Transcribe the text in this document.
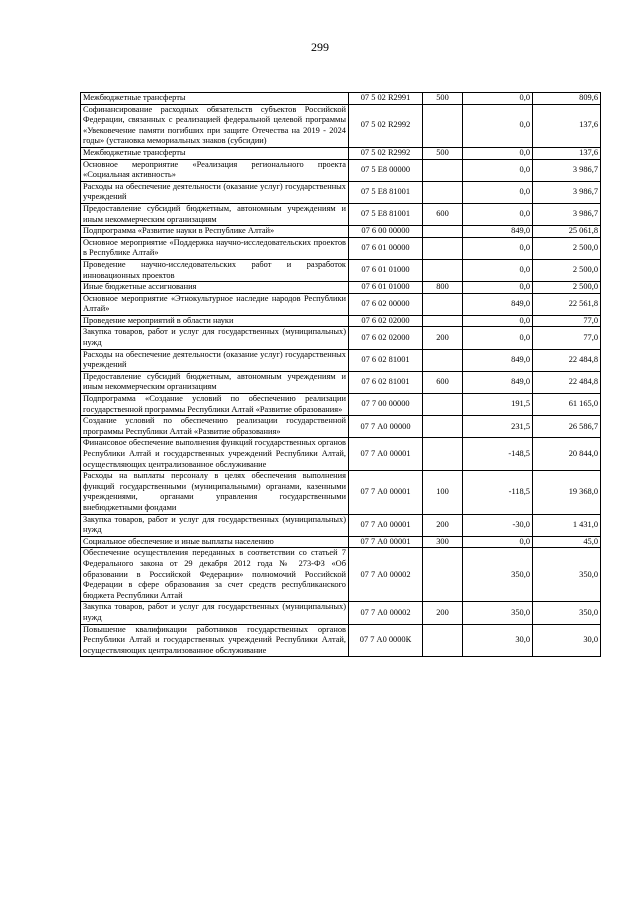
299
Межбюджетные трансферты	07 5 02 R2991	500	0,0	809,6
Софинансирование расходных обязательств субъектов Российской Федерации, связанных с реализацией федеральной целевой программы «Увековечение памяти погибших при защите Отечества на 2019 - 2024 годы» (установка мемориальных знаков (субсидии)	07 5 02 R2992		0,0	137,6
Межбюджетные трансферты	07 5 02 R2992	500	0,0	137,6
Основное мероприятие «Реализация регионального проекта «Социальная активность»	07 5 E8 00000		0,0	3 986,7
Расходы на обеспечение деятельности (оказание услуг) государственных учреждений	07 5 E8 81001		0,0	3 986,7
Предоставление субсидий бюджетным, автономным учреждениям и иным некоммерческим организациям	07 5 E8 81001	600	0,0	3 986,7
Подпрограмма «Развитие науки в Республике Алтай»	07 6 00 00000		849,0	25 061,8
Основное мероприятие «Поддержка научно-исследовательских проектов в Республике Алтай»	07 6 01 00000		0,0	2 500,0
Проведение научно-исследовательских работ и разработок инновационных проектов	07 6 01 01000		0,0	2 500,0
Иные бюджетные ассигнования	07 6 01 01000	800	0,0	2 500,0
Основное мероприятие «Этнокультурное наследие народов Республики Алтай»	07 6 02 00000		849,0	22 561,8
Проведение мероприятий в области науки	07 6 02 02000		0,0	77,0
Закупка товаров, работ и услуг для государственных (муниципальных) нужд	07 6 02 02000	200	0,0	77,0
Расходы на обеспечение деятельности (оказание услуг) государственных учреждений	07 6 02 81001		849,0	22 484,8
Предоставление субсидий бюджетным, автономным учреждениям и иным некоммерческим организациям	07 6 02 81001	600	849,0	22 484,8
Подпрограмма «Создание условий по обеспечению реализации государственной программы Республики Алтай «Развитие образования»	07 7 00 00000		191,5	61 165,0
Создание условий по обеспечению реализации государственной программы Республики Алтай «Развитие образования»	07 7 А0 00000		231,5	26 586,7
Финансовое обеспечение выполнения функций государственных органов Республики Алтай и государственных учреждений Республики Алтай, осуществляющих централизованное обслуживание	07 7 А0 00001		-148,5	20 844,0
Расходы на выплаты персоналу в целях обеспечения выполнения функций государственными (муниципальными) органами, казенными учреждениями, органами управления государственными внебюджетными фондами	07 7 А0 00001	100	-118,5	19 368,0
Закупка товаров, работ и услуг для государственных (муниципальных) нужд	07 7 А0 00001	200	-30,0	1 431,0
Социальное обеспечение и иные выплаты населению	07 7 А0 00001	300	0,0	45,0
Обеспечение осуществления переданных в соответствии со статьей 7 Федерального закона от 29 декабря 2012 года № 273-ФЗ «Об образовании в Российской Федерации» полномочий Российской Федерации в сфере образования за счет средств республиканского бюджета Республики Алтай	07 7 А0 00002		350,0	350,0
Закупка товаров, работ и услуг для государственных (муниципальных) нужд	07 7 А0 00002	200	350,0	350,0
Повышение квалификации работников государственных органов Республики Алтай и государственных учреждений Республики Алтай, осуществляющих централизованное обслуживание	07 7 А0 0000К		30,0	30,0
